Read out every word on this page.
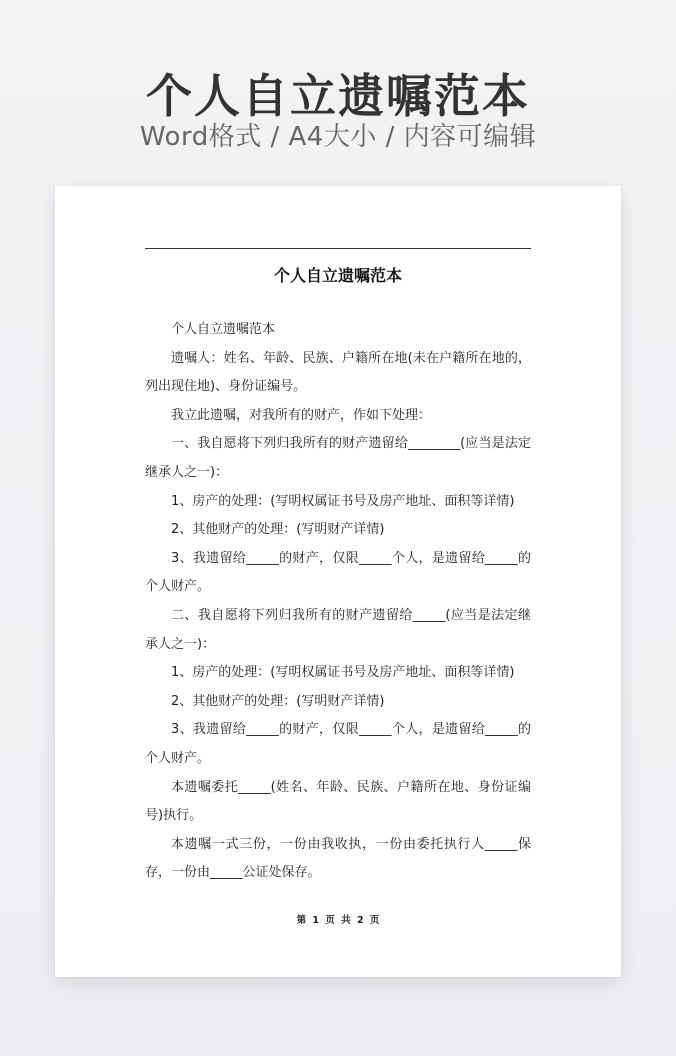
个人自立遗嘱范本
Word格式 / A4大小 / 内容可编辑
个人自立遗嘱范本

个人自立遗嘱范本

遗嘱人：姓名、年龄、民族、户籍所在地(未在户籍所在地的，列出现住地)、身份证编号。

我立此遗嘱，对我所有的财产，作如下处理：

一、我自愿将下列归我所有的财产遗留给________(应当是法定继承人之一)：

1、房产的处理：(写明权属证书号及房产地址、面积等详情)

2、其他财产的处理：(写明财产详情)

3、我遗留给_____的财产，仅限_____个人，是遗留给_____的个人财产。

二、我自愿将下列归我所有的财产遗留给_____(应当是法定继承人之一)：

1、房产的处理：(写明权属证书号及房产地址、面积等详情)

2、其他财产的处理：(写明财产详情)

3、我遗留给_____的财产，仅限_____个人，是遗留给_____的个人财产。

本遗嘱委托_____(姓名、年龄、民族、户籍所在地、身份证编号)执行。

本遗嘱一式三份，一份由我收执，一份由委托执行人_____保存，一份由_____公证处保存。

第 1 页 共 2 页
